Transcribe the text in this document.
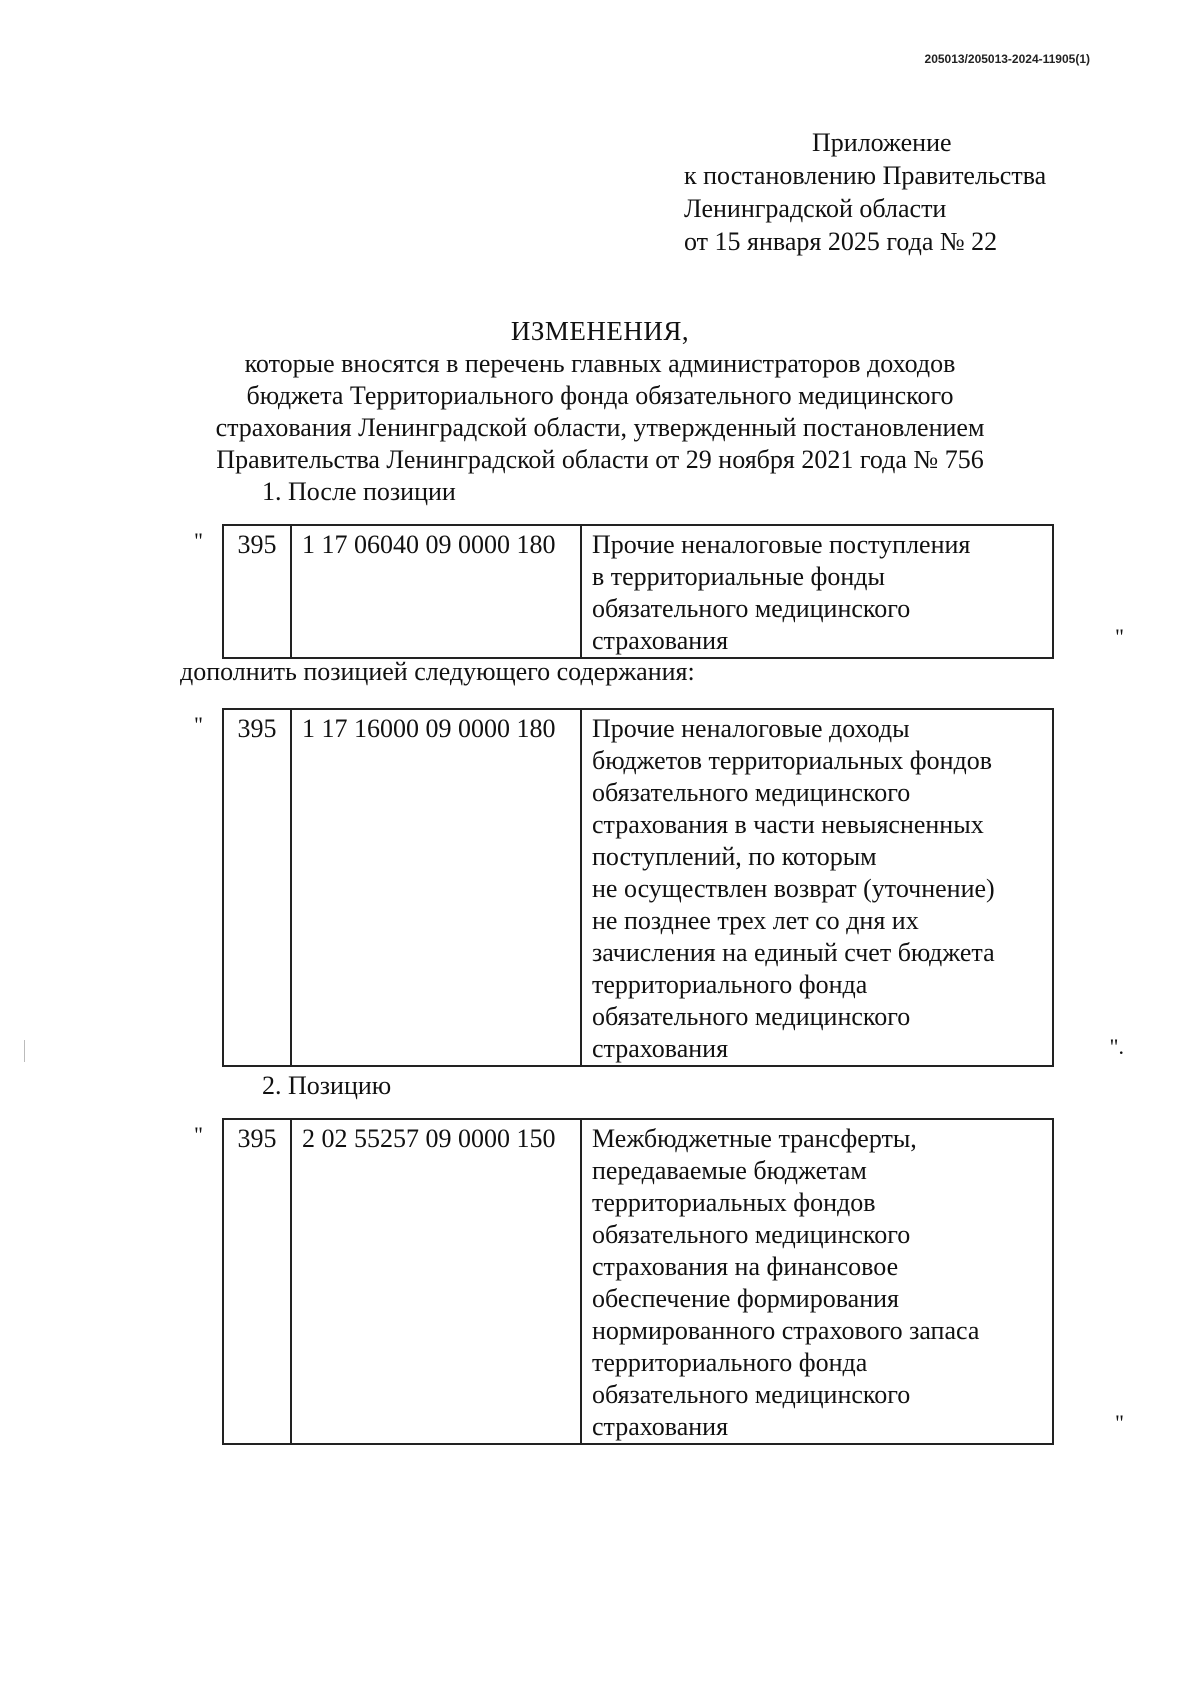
205013/205013-2024-11905(1)
Приложение
к постановлению Правительства
Ленинградской области
от 15 января 2025 года № 22
ИЗМЕНЕНИЯ,
которые вносятся в перечень главных администраторов доходов
бюджета Территориального фонда обязательного медицинского
страхования Ленинградской области, утвержденный постановлением
Правительства Ленинградской области от 29 ноября 2021 года № 756
1. После позиции
" 395	1 17 06040 09 0000 180	Прочие неналоговые поступления
в территориальные фонды
обязательного медицинского
страхования	"
дополнить позицией следующего содержания:
" 395	1 17 16000 09 0000 180	Прочие неналоговые доходы
бюджетов территориальных фондов
обязательного медицинского
страхования в части невыясненных
поступлений, по которым
не осуществлен возврат (уточнение)
не позднее трех лет со дня их
зачисления на единый счет бюджета
территориального фонда
обязательного медицинского
страхования	".
2. Позицию
" 395	2 02 55257 09 0000 150	Межбюджетные трансферты,
передаваемые бюджетам
территориальных фондов
обязательного медицинского
страхования на финансовое
обеспечение формирования
нормированного страхового запаса
территориального фонда
обязательного медицинского
страхования	"
